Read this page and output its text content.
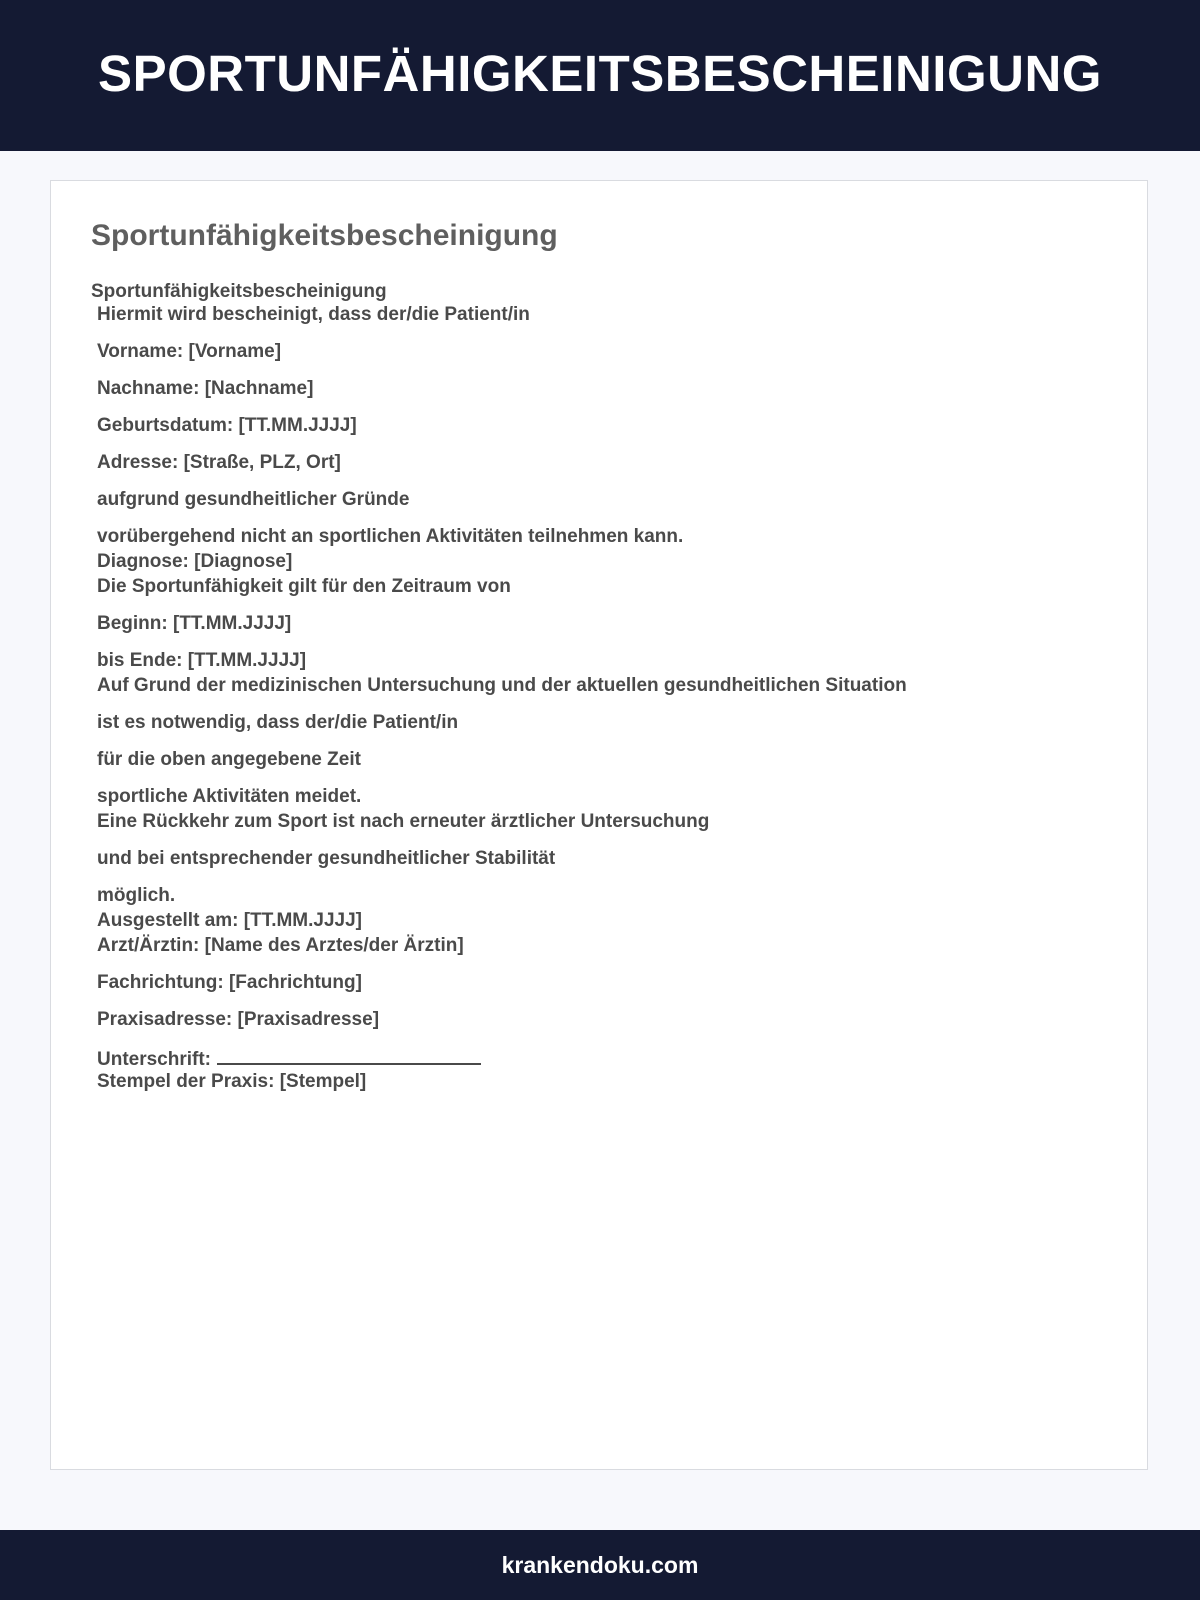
SPORTUNFÄHIGKEITSBESCHEINIGUNG
Sportunfähigkeitsbescheinigung
Sportunfähigkeitsbescheinigung
Hiermit wird bescheinigt, dass der/die Patient/in
Vorname: [Vorname]
Nachname: [Nachname]
Geburtsdatum: [TT.MM.JJJJ]
Adresse: [Straße, PLZ, Ort]
aufgrund gesundheitlicher Gründe
vorübergehend nicht an sportlichen Aktivitäten teilnehmen kann.
Diagnose: [Diagnose]
Die Sportunfähigkeit gilt für den Zeitraum von
Beginn: [TT.MM.JJJJ]
bis Ende: [TT.MM.JJJJ]
Auf Grund der medizinischen Untersuchung und der aktuellen gesundheitlichen Situation
ist es notwendig, dass der/die Patient/in
für die oben angegebene Zeit
sportliche Aktivitäten meidet.
Eine Rückkehr zum Sport ist nach erneuter ärztlicher Untersuchung
und bei entsprechender gesundheitlicher Stabilität
möglich.
Ausgestellt am: [TT.MM.JJJJ]
Arzt/Ärztin: [Name des Arztes/der Ärztin]
Fachrichtung: [Fachrichtung]
Praxisadresse: [Praxisadresse]
Unterschrift:
Stempel der Praxis: [Stempel]
krankendoku.com
